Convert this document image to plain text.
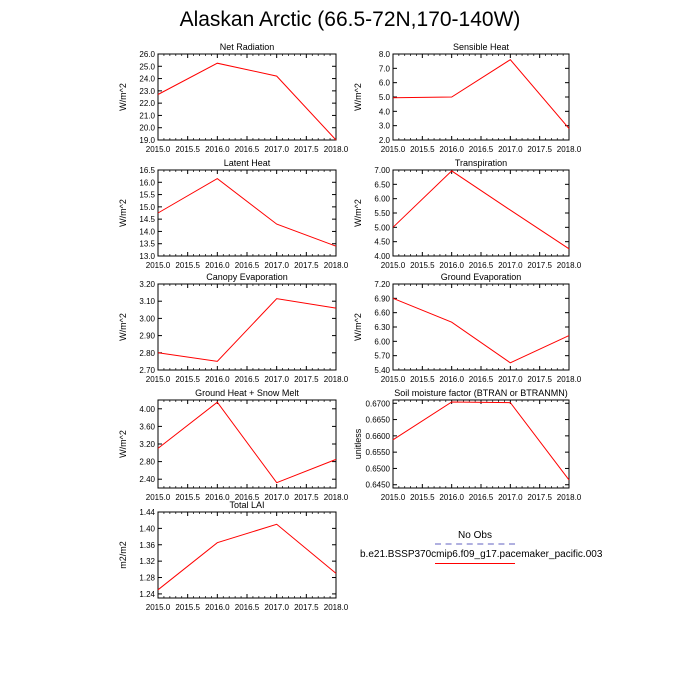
Alaskan Arctic (66.5-72N,170-140W)
Net Radiation
W/m^2
2015.0 2015.5 2016.0 2016.5 2017.0 2017.5 2018.0
19.0
20.0
21.0
22.0
23.0
24.0
25.0
26.0
Sensible Heat
W/m^2
2015.0 2015.5 2016.0 2016.5 2017.0 2017.5 2018.0
2.0
3.0
4.0
5.0
6.0
7.0
8.0
Latent Heat
W/m^2
2015.0 2015.5 2016.0 2016.5 2017.0 2017.5 2018.0
13.0
13.5
14.0
14.5
15.0
15.5
16.0
16.5
Transpiration
W/m^2
2015.0 2015.5 2016.0 2016.5 2017.0 2017.5 2018.0
4.00
4.50
5.00
5.50
6.00
6.50
7.00
Canopy Evaporation
W/m^2
2015.0 2015.5 2016.0 2016.5 2017.0 2017.5 2018.0
2.70
2.80
2.90
3.00
3.10
3.20
Ground Evaporation
W/m^2
2015.0 2015.5 2016.0 2016.5 2017.0 2017.5 2018.0
5.40
5.70
6.00
6.30
6.60
6.90
7.20
Ground Heat + Snow Melt
W/m^2
2015.0 2015.5 2016.0 2016.5 2017.0 2017.5 2018.0
2.40
2.80
3.20
3.60
4.00
Soil moisture factor (BTRAN or BTRANMN)
unitless
2015.0 2015.5 2016.0 2016.5 2017.0 2017.5 2018.0
0.6450
0.6500
0.6550
0.6600
0.6650
0.6700
Total LAI
m2/m2
2015.0 2015.5 2016.0 2016.5 2017.0 2017.5 2018.0
1.24
1.28
1.32
1.36
1.40
1.44
No Obs
b.e21.BSSP370cmip6.f09_g17.pacemaker_pacific.003
